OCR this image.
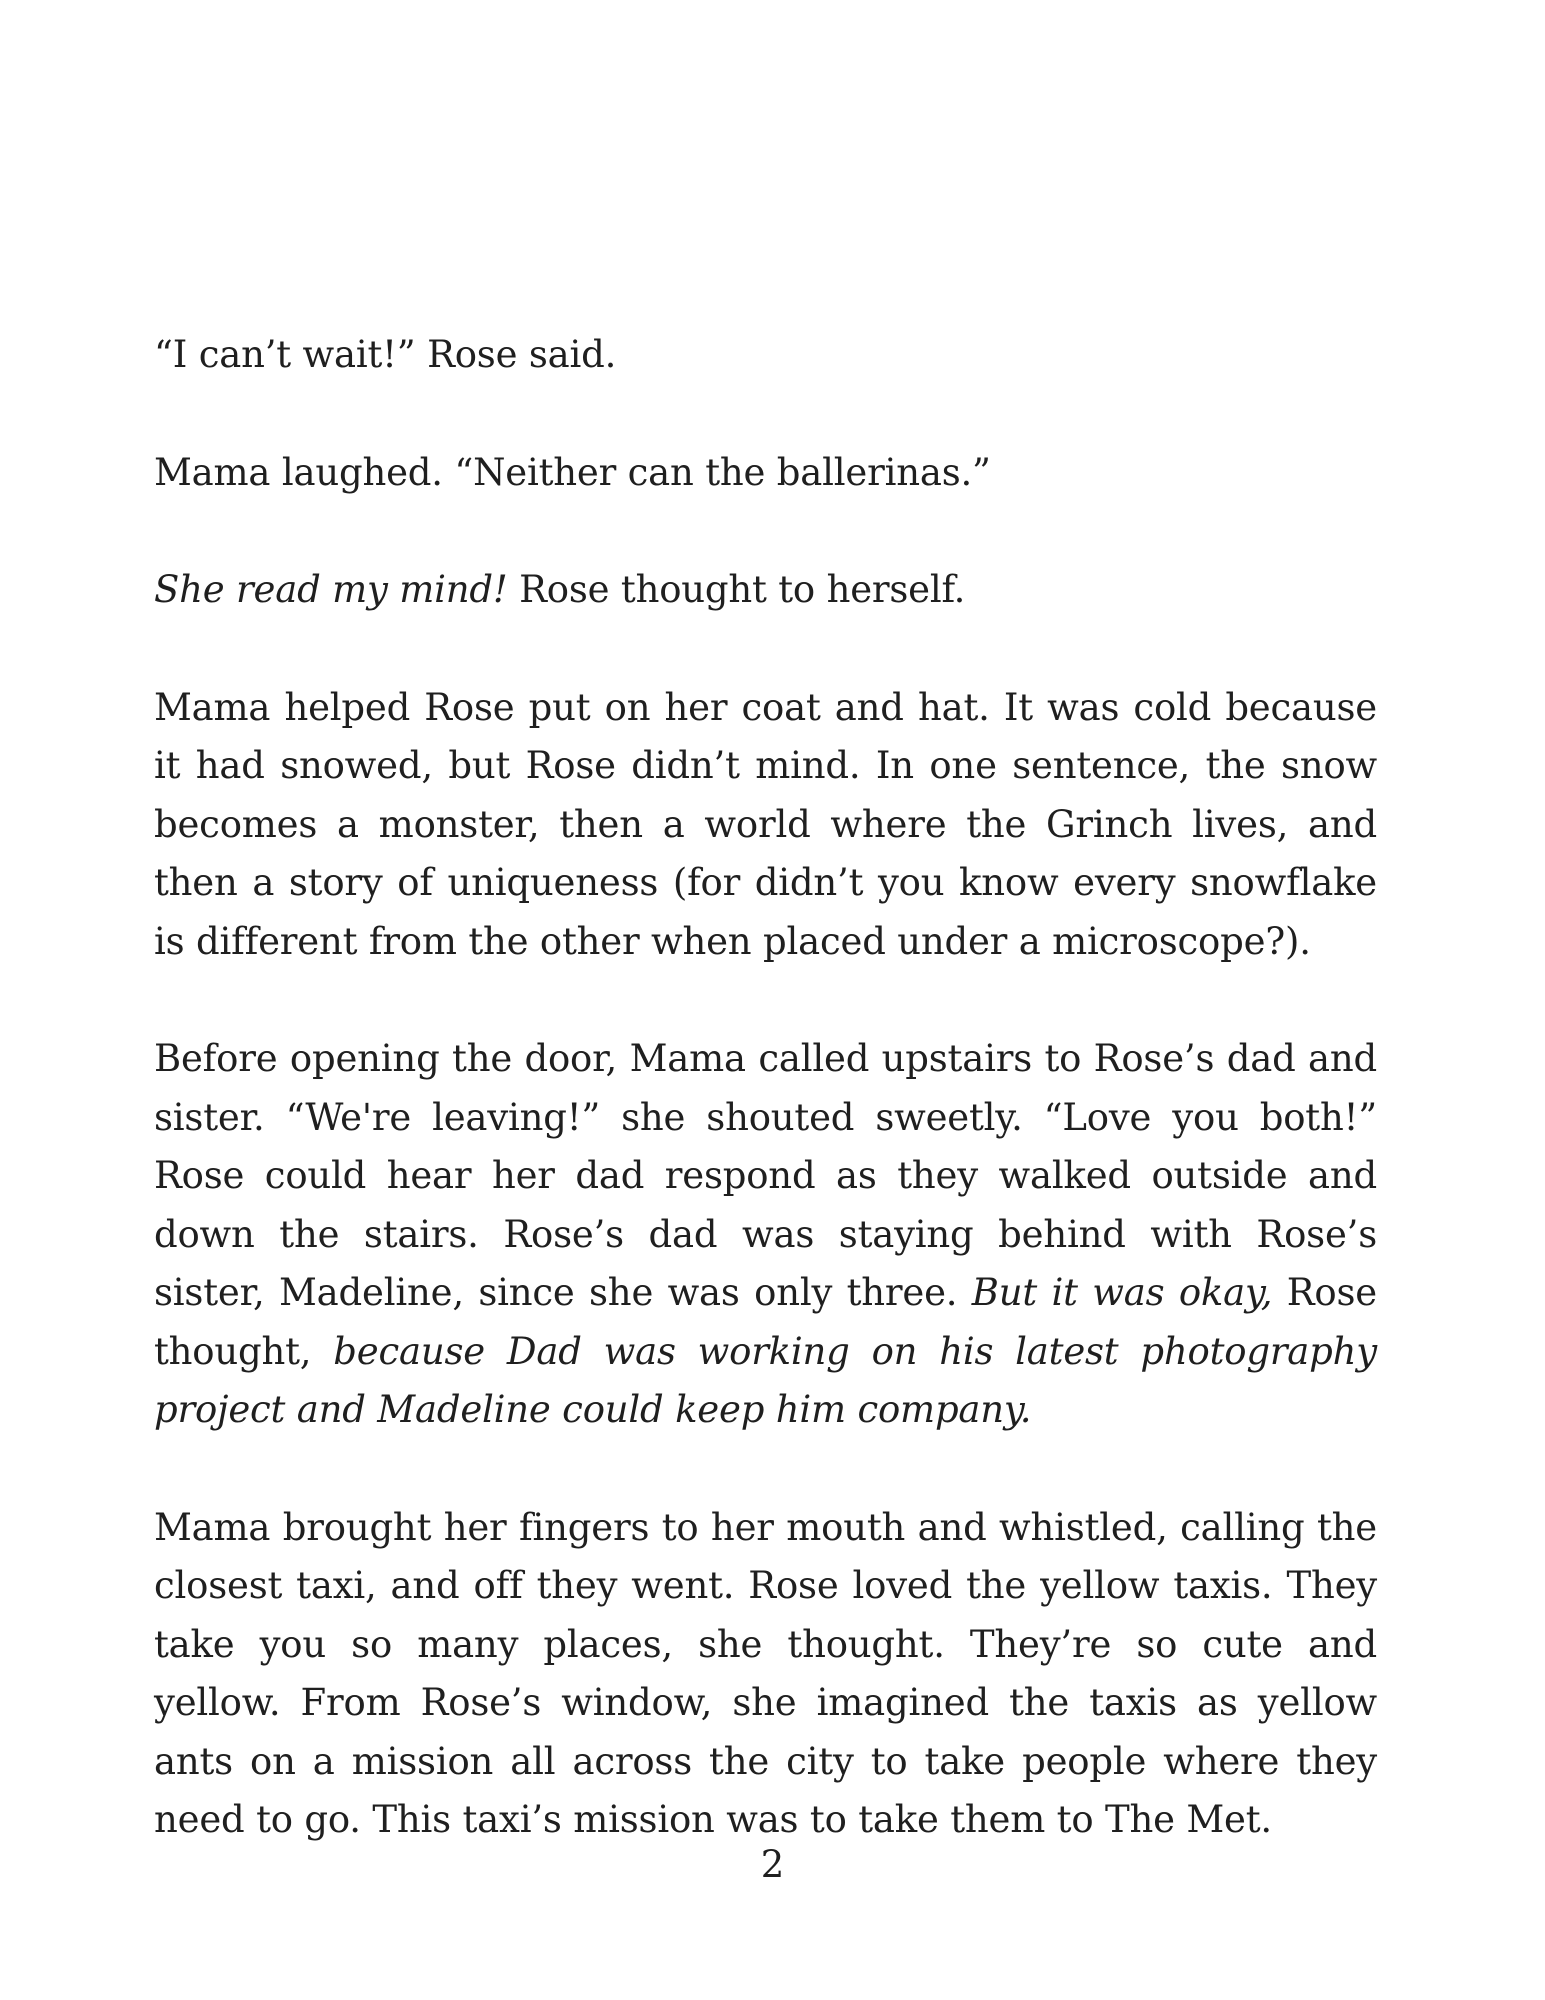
“I can’t wait!” Rose said.

Mama laughed. “Neither can the ballerinas.”

She read my mind! Rose thought to herself.

Mama helped Rose put on her coat and hat. It was cold because it had snowed, but Rose didn’t mind. In one sentence, the snow becomes a monster, then a world where the Grinch lives, and then a story of uniqueness (for didn’t you know every snowflake is different from the other when placed under a microscope?).

Before opening the door, Mama called upstairs to Rose’s dad and sister. “We're leaving!” she shouted sweetly. “Love you both!” Rose could hear her dad respond as they walked outside and down the stairs. Rose’s dad was staying behind with Rose’s sister, Madeline, since she was only three. But it was okay, Rose thought, because Dad was working on his latest photography project and Madeline could keep him company.

Mama brought her fingers to her mouth and whistled, calling the closest taxi, and off they went. Rose loved the yellow taxis. They take you so many places, she thought. They’re so cute and yellow. From Rose’s window, she imagined the taxis as yellow ants on a mission all across the city to take people where they need to go. This taxi’s mission was to take them to The Met.

2
